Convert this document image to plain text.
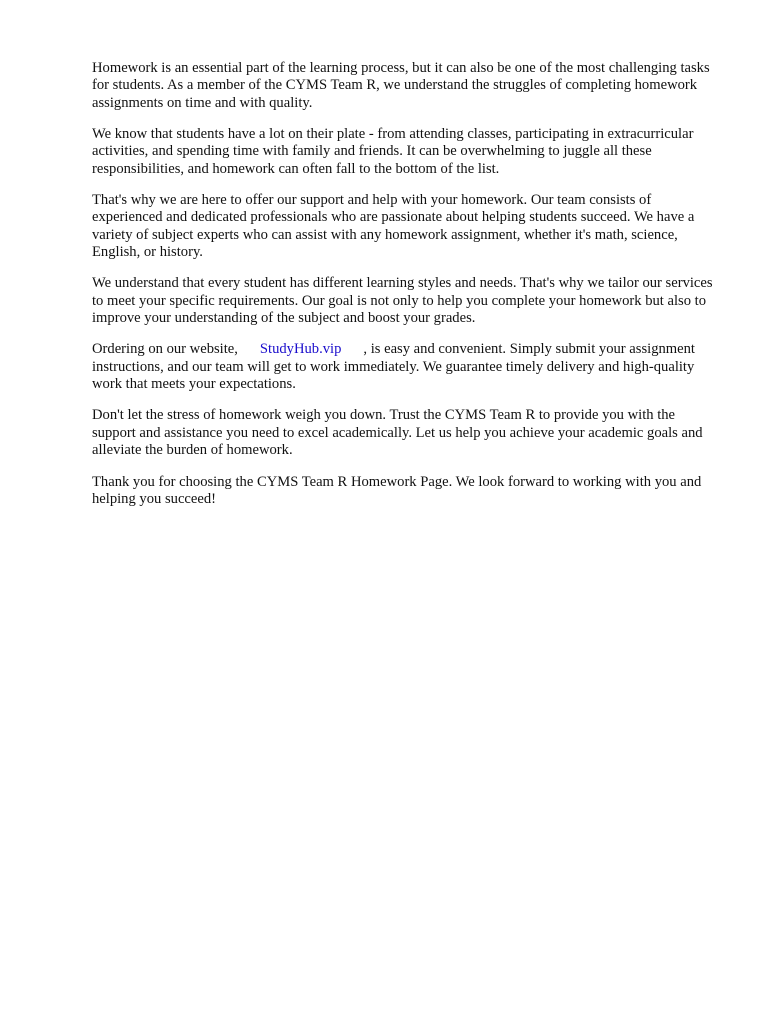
Homework is an essential part of the learning process, but it can also be one of the most challenging tasks for students. As a member of the CYMS Team R, we understand the struggles of completing homework assignments on time and with quality.

We know that students have a lot on their plate - from attending classes, participating in extracurricular activities, and spending time with family and friends. It can be overwhelming to juggle all these responsibilities, and homework can often fall to the bottom of the list.

That's why we are here to offer our support and help with your homework. Our team consists of experienced and dedicated professionals who are passionate about helping students succeed. We have a variety of subject experts who can assist with any homework assignment, whether it's math, science, English, or history.

We understand that every student has different learning styles and needs. That's why we tailor our services to meet your specific requirements. Our goal is not only to help you complete your homework but also to improve your understanding of the subject and boost your grades.

Ordering on our website, StudyHub.vip , is easy and convenient. Simply submit your assignment instructions, and our team will get to work immediately. We guarantee timely delivery and high-quality work that meets your expectations.

Don't let the stress of homework weigh you down. Trust the CYMS Team R to provide you with the support and assistance you need to excel academically. Let us help you achieve your academic goals and alleviate the burden of homework.

Thank you for choosing the CYMS Team R Homework Page. We look forward to working with you and helping you succeed!
